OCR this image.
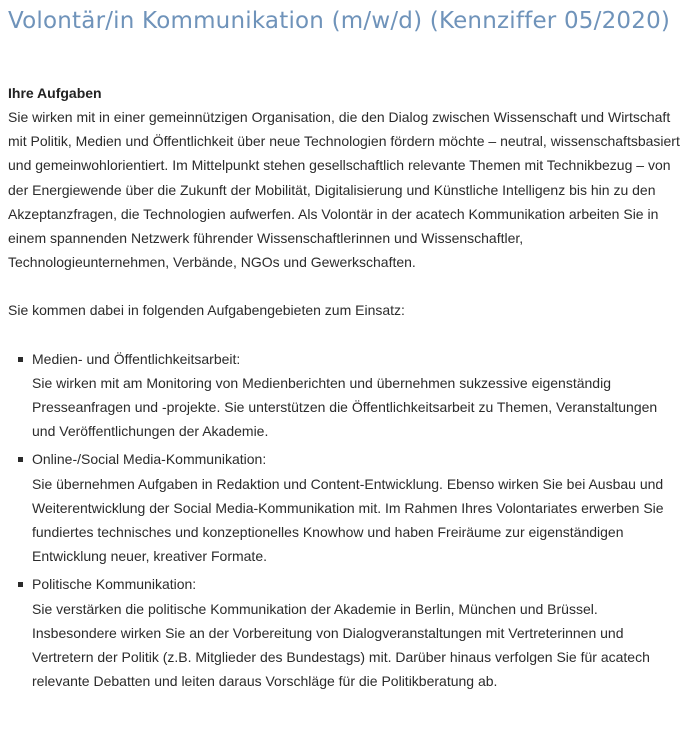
Volontär/in Kommunikation (m/w/d) (Kennziffer 05/2020)
Ihre Aufgaben

Sie wirken mit in einer gemeinnützigen Organisation, die den Dialog zwischen Wissenschaft und Wirtschaft mit Politik, Medien und Öffentlichkeit über neue Technologien fördern möchte – neutral, wissenschaftsbasiert und gemeinwohlorientiert. Im Mittelpunkt stehen gesellschaftlich relevante Themen mit Technikbezug – von der Energiewende über die Zukunft der Mobilität, Digitalisierung und Künstliche Intelligenz bis hin zu den Akzeptanzfragen, die Technologien aufwerfen. Als Volontär in der acatech Kommunikation arbeiten Sie in einem spannenden Netzwerk führender Wissenschaftlerinnen und Wissenschaftler, Technologieunternehmen, Verbände, NGOs und Gewerkschaften.

Sie kommen dabei in folgenden Aufgabengebieten zum Einsatz:

Medien- und Öffentlichkeitsarbeit:
Sie wirken mit am Monitoring von Medienberichten und übernehmen sukzessive eigenständig Presseanfragen und -projekte. Sie unterstützen die Öffentlichkeitsarbeit zu Themen, Veranstaltungen und Veröffentlichungen der Akademie.
Online-/Social Media-Kommunikation:
Sie übernehmen Aufgaben in Redaktion und Content-Entwicklung. Ebenso wirken Sie bei Ausbau und Weiterentwicklung der Social Media-Kommunikation mit. Im Rahmen Ihres Volontariates erwerben Sie fundiertes technisches und konzeptionelles Knowhow und haben Freiräume zur eigenständigen Entwicklung neuer, kreativer Formate.
Politische Kommunikation:
Sie verstärken die politische Kommunikation der Akademie in Berlin, München und Brüssel. Insbesondere wirken Sie an der Vorbereitung von Dialogveranstaltungen mit Vertreterinnen und Vertretern der Politik (z.B. Mitglieder des Bundestags) mit. Darüber hinaus verfolgen Sie für acatech relevante Debatten und leiten daraus Vorschläge für die Politikberatung ab.
